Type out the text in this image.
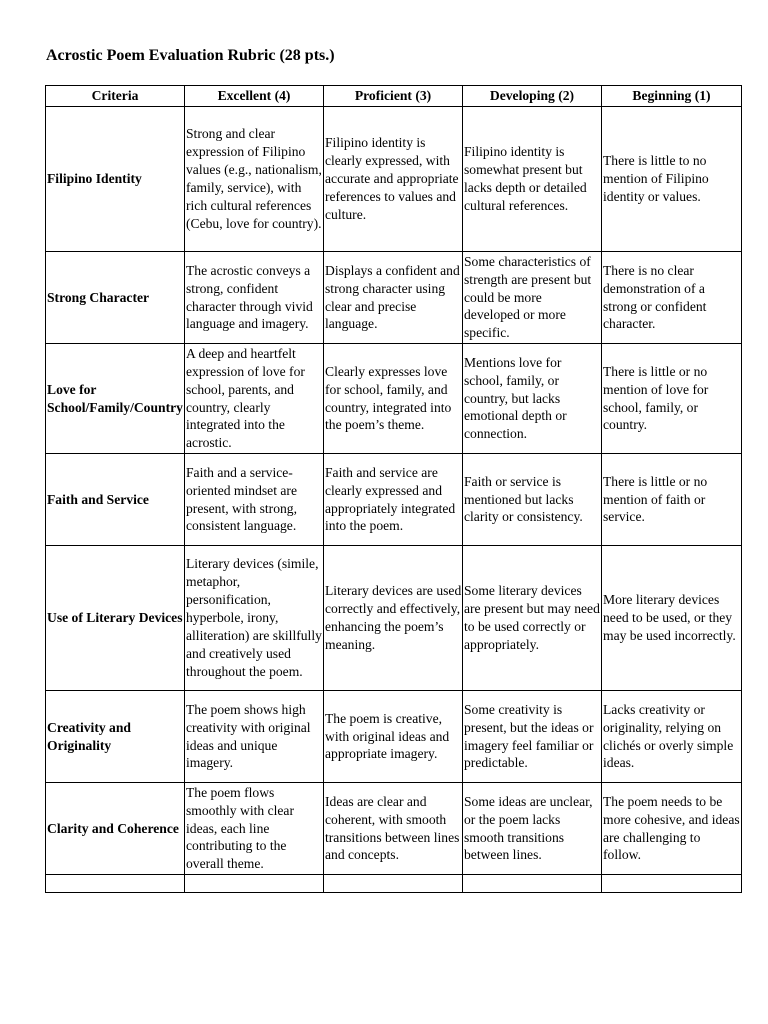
Acrostic Poem Evaluation Rubric (28 pts.)
Criteria	Excellent (4)	Proficient (3)	Developing (2)	Beginning (1)
Filipino Identity	Strong and clear expression of Filipino values (e.g., nationalism, family, service), with rich cultural references (Cebu, love for country).	Filipino identity is clearly expressed, with accurate and appropriate references to values and culture.	Filipino identity is somewhat present but lacks depth or detailed cultural references.	There is little to no mention of Filipino identity or values.
Strong Character	The acrostic conveys a strong, confident character through vivid language and imagery.	Displays a confident and strong character using clear and precise language.	Some characteristics of strength are present but could be more developed or more specific.	There is no clear demonstration of a strong or confident character.
Love for School/Family/Country	A deep and heartfelt expression of love for school, parents, and country, clearly integrated into the acrostic.	Clearly expresses love for school, family, and country, integrated into the poem’s theme.	Mentions love for school, family, or country, but lacks emotional depth or connection.	There is little or no mention of love for school, family, or country.
Faith and Service	Faith and a service-oriented mindset are present, with strong, consistent language.	Faith and service are clearly expressed and appropriately integrated into the poem.	Faith or service is mentioned but lacks clarity or consistency.	There is little or no mention of faith or service.
Use of Literary Devices	Literary devices (simile, metaphor, personification, hyperbole, irony, alliteration) are skillfully and creatively used throughout the poem.	Literary devices are used correctly and effectively, enhancing the poem’s meaning.	Some literary devices are present but may need to be used correctly or appropriately.	More literary devices need to be used, or they may be used incorrectly.
Creativity and Originality	The poem shows high creativity with original ideas and unique imagery.	The poem is creative, with original ideas and appropriate imagery.	Some creativity is present, but the ideas or imagery feel familiar or predictable.	Lacks creativity or originality, relying on clichés or overly simple ideas.
Clarity and Coherence	The poem flows smoothly with clear ideas, each line contributing to the overall theme.	Ideas are clear and coherent, with smooth transitions between lines and concepts.	Some ideas are unclear, or the poem lacks smooth transitions between lines.	The poem needs to be more cohesive, and ideas are challenging to follow.
